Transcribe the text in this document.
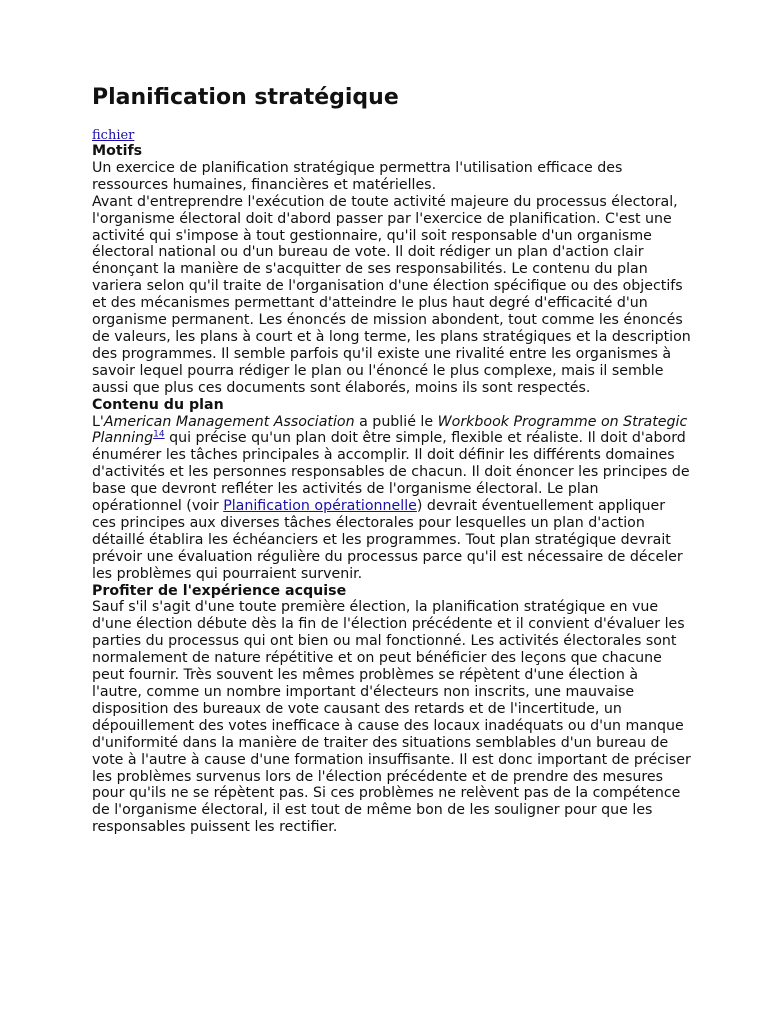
Planification stratégique
fichier
Motifs

Un exercice de planification stratégique permettra l'utilisation efficace des ressources humaines, financières et matérielles.

Avant d'entreprendre l'exécution de toute activité majeure du processus électoral, l'organisme électoral doit d'abord passer par l'exercice de planification. C'est une activité qui s'impose à tout gestionnaire, qu'il soit responsable d'un organisme électoral national ou d'un bureau de vote. Il doit rédiger un plan d'action clair énonçant la manière de s'acquitter de ses responsabilités. Le contenu du plan variera selon qu'il traite de l'organisation d'une élection spécifique ou des objectifs et des mécanismes permettant d'atteindre le plus haut degré d'efficacité d'un organisme permanent. Les énoncés de mission abondent, tout comme les énoncés de valeurs, les plans à court et à long terme, les plans stratégiques et la description des programmes. Il semble parfois qu'il existe une rivalité entre les organismes à savoir lequel pourra rédiger le plan ou l'énoncé le plus complexe, mais il semble aussi que plus ces documents sont élaborés, moins ils sont respectés.

Contenu du plan

L'American Management Association a publié le Workbook Programme on Strategic Planning$^{14}$ qui précise qu'un plan doit être simple, flexible et réaliste. Il doit d'abord énumérer les tâches principales à accomplir. Il doit définir les différents domaines d'activités et les personnes responsables de chacun. Il doit énoncer les principes de base que devront refléter les activités de l'organisme électoral. Le plan opérationnel (voir Planification opérationnelle) devrait éventuellement appliquer ces principes aux diverses tâches électorales pour lesquelles un plan d'action détaillé établira les échéanciers et les programmes. Tout plan stratégique devrait prévoir une évaluation régulière du processus parce qu'il est nécessaire de déceler les problèmes qui pourraient survenir.

Profiter de l'expérience acquise

Sauf s'il s'agit d'une toute première élection, la planification stratégique en vue d'une élection débute dès la fin de l'élection précédente et il convient d'évaluer les parties du processus qui ont bien ou mal fonctionné. Les activités électorales sont normalement de nature répétitive et on peut bénéficier des leçons que chacune peut fournir. Très souvent les mêmes problèmes se répètent d'une élection à l'autre, comme un nombre important d'électeurs non inscrits, une mauvaise disposition des bureaux de vote causant des retards et de l'incertitude, un dépouillement des votes inefficace à cause des locaux inadéquats ou d'un manque d'uniformité dans la manière de traiter des situations semblables d'un bureau de vote à l'autre à cause d'une formation insuffisante. Il est donc important de préciser les problèmes survenus lors de l'élection précédente et de prendre des mesures pour qu'ils ne se répètent pas. Si ces problèmes ne relèvent pas de la compétence de l'organisme électoral, il est tout de même bon de les souligner pour que les responsables puissent les rectifier.
